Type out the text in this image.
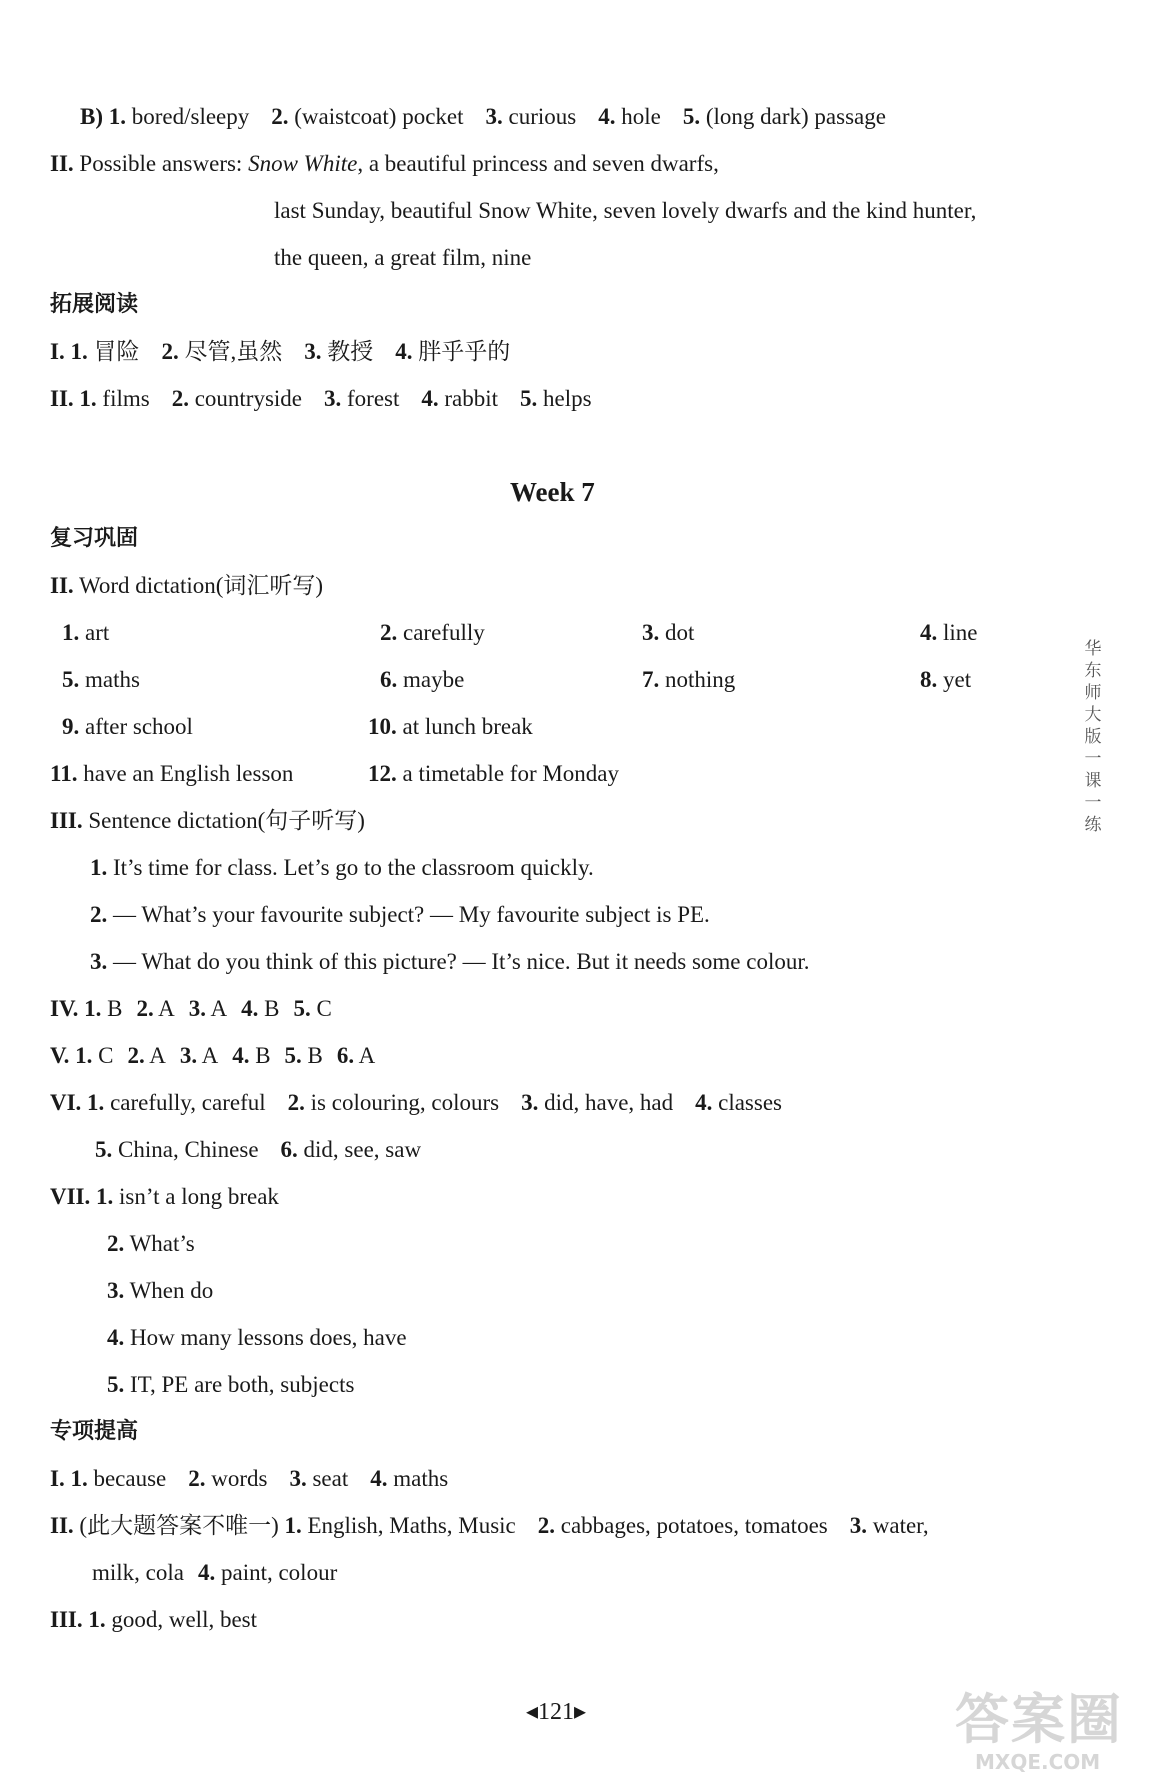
B) 1. bored/sleepy 2. (waistcoat) pocket 3. curious 4. hole 5. (long dark) passage
II. Possible answers: Snow White, a beautiful princess and seven dwarfs,
last Sunday, beautiful Snow White, seven lovely dwarfs and the kind hunter,
the queen, a great film, nine
拓展阅读
I. 1. 冒险 2. 尽管,虽然 3. 教授 4. 胖乎乎的
II. 1. films 2. countryside 3. forest 4. rabbit 5. helps
Week 7
复习巩固
II. Word dictation(词汇听写)
1. art	2. carefully	3. dot	4. line
5. maths	6. maybe	7. nothing	8. yet
9. after school	10. at lunch break
11. have an English lesson	12. a timetable for Monday
III. Sentence dictation(句子听写)
1. It’s time for class. Let’s go to the classroom quickly.
2. — What’s your favourite subject? — My favourite subject is PE.
3. — What do you think of this picture? — It’s nice. But it needs some colour.
IV. 1. B 2. A 3. A 4. B 5. C
V. 1. C 2. A 3. A 4. B 5. B 6. A
VI. 1. carefully, careful 2. is colouring, colours 3. did, have, had 4. classes
5. China, Chinese 6. did, see, saw
VII. 1. isn’t a long break
2. What’s
3. When do
4. How many lessons does, have
5. IT, PE are both, subjects
专项提高
I. 1. because 2. words 3. seat 4. maths
II. (此大题答案不唯一) 1. English, Maths, Music 2. cabbages, potatoes, tomatoes 3. water,
milk, cola 4. paint, colour
III. 1. good, well, best
华
东
师
大
版
一
课
一
练
◂121▸	答案圈
MXQE.COM
